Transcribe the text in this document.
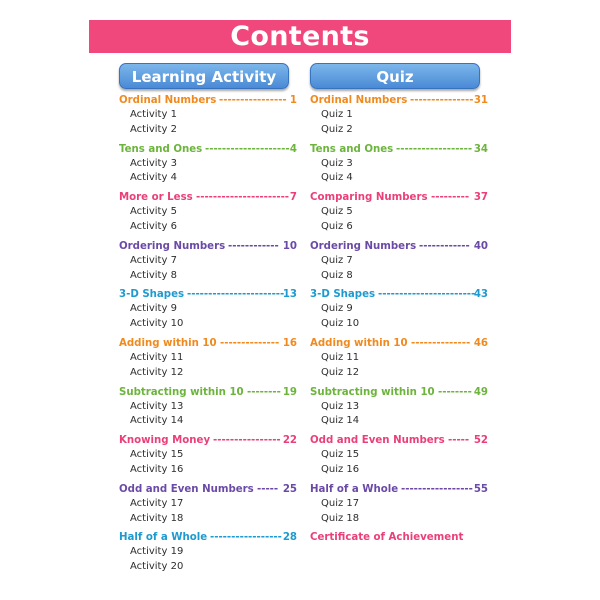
Contents
Learning Activity	Quiz
Ordinal Numbers ---------------- 1
Activity 1
Activity 2
Tens and Ones -------------------- 4
Activity 3
Activity 4
More or Less ---------------------- 7
Activity 5
Activity 6
Ordering Numbers ------------ 10
Activity 7
Activity 8
3-D Shapes -----------------------
13
Activity 9
Activity 10
Adding within 10 -------------- 16
Activity 11
Activity 12
Subtracting within 10 -------- 19
Activity 13
Activity 14
Knowing Money ---------------- 22
Activity 15
Activity 16
Odd and Even Numbers ----- 25
Activity 17
Activity 18
Half of a Whole ----------------- 28
Activity 19
Activity 20
Ordinal Numbers --------------- 31
Quiz 1
Quiz 2
Tens and Ones ------------------ 34
Quiz 3
Quiz 4
Comparing Numbers --------- 37
Quiz 5
Quiz 6
Ordering Numbers ------------ 40
Quiz 7
Quiz 8
3-D Shapes -----------------------
43
Quiz 9
Quiz 10
Adding within 10 -------------- 46
Quiz 11
Quiz 12
Subtracting within 10 -------- 49
Quiz 13
Quiz 14
Odd and Even Numbers ----- 52
Quiz 15
Quiz 16
Half of a Whole ----------------- 55
Quiz 17
Quiz 18
Certificate of Achievement
